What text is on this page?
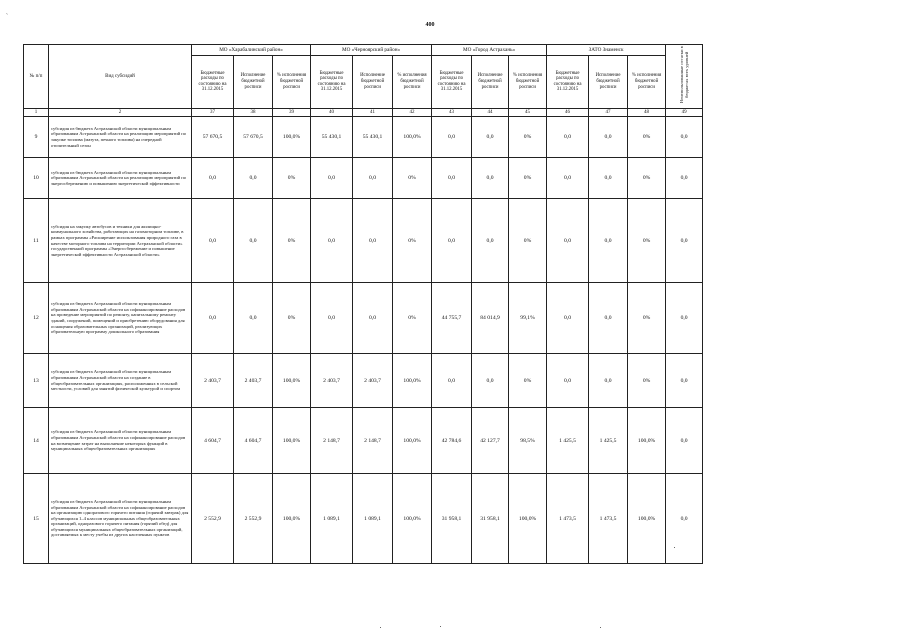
`
400
№ п/п	Вид субсидий	МО «Харабалинский район»			МО «Черноярский район»			МО «Город Астрахань»			ЗАТО Знаменск			Неиспользованные остатки в бюджетах всех уровней
		Бюджетные расходы по состоянию на 31.12.2015	Исполнение бюджетной росписи	% исполнения бюджетной росписи	Бюджетные расходы по состоянию на 31.12.2015	Исполнение бюджетной росписи	% исполнения бюджетной росписи	Бюджетные расходы по состоянию на 31.12.2015	Исполнение бюджетной росписи	% исполнения бюджетной росписи	Бюджетные расходы по состоянию на 31.12.2015	Исполнение бюджетной росписи	% исполнения бюджетной росписи	
1	2	37	38	39	40	41	42	43	44	45	46	47	48	49
9	субсидия из бюджета Астраханской области муниципальным образованиям Астраханской области на реализацию мероприятий по закупке топлива (мазута, печного топлива) на очередной отопительный сезон	57 670,5	57 670,5	100,0%	55 430,1	55 430,1	100,0%	0,0	0,0	0%	0,0	0,0	0%	0,0
10	субсидия из бюджета Астраханской области муниципальным образованиям Астраханской области на реализацию мероприятий по энергосбережению и повышению энергетической эффективности	0,0	0,0	0%	0,0	0,0	0%	0,0	0,0	0%	0,0	0,0	0%	0,0
11	субсидия на закупку автобусов и техники для жилищно-коммунального хозяйства, работающих на газомоторном топливе, в рамках программы «Расширение использования природного газа в качестве моторного топлива на территории Астраханской области» государственной программы «Энергосбережение и повышение энергетической эффективности Астраханской области»	0,0	0,0	0%	0,0	0,0	0%	0,0	0,0	0%	0,0	0,0	0%	0,0
12	субсидия из бюджета Астраханской области муниципальным образованиям Астраханской области на софинансирование расходов на проведение мероприятий по ремонту, капитальному ремонту зданий, сооружений, помещений и приобретению оборудования для оснащения образовательных организаций, реализующих образовательную программу дошкольного образования	0,0	0,0	0%	0,0	0,0	0%	44 755,7	84 014,9	99,1%	0,0	0,0	0%	0,0
13	субсидия из бюджета Астраханской области муниципальным образованиям Астраханской области на создание в общеобразовательных организациях, расположенных в сельской местности, условий для занятий физической культурой и спортом	2 403,7	2 403,7	100,0%	2 403,7	2 403,7	100,0%	0,0	0,0	0%	0,0	0,0	0%	0,0
14	субсидия из бюджета Астраханской области муниципальным образованиям Астраханской области на софинансирование расходов на возмещение затрат на выполнение некоторых функций в муниципальных общеобразовательных организациях	4 604,7	4 604,7	100,0%	2 148,7	2 148,7	100,0%	42 784,6	42 127,7	98,5%	1 425,5	1 425,5	100,0%	0,0
15	субсидия из бюджета Астраханской области муниципальным образованиям Астраханской области на софинансирование расходов на организацию одноразового горячего питания (горячий завтрак) для обучающихся 1–4 классов муниципальных общеобразовательных организаций, одноразового горячего питания (горячий обед) для обучающихся муниципальных общеобразовательных организаций, доставляемых к месту учебы из других населенных пунктов	2 552,9	2 552,9	100,0%	1 089,1	1 089,1	100,0%	31 958,1	31 958,1	100,0%	1 473,5	1 473,5	100,0%	0,0
